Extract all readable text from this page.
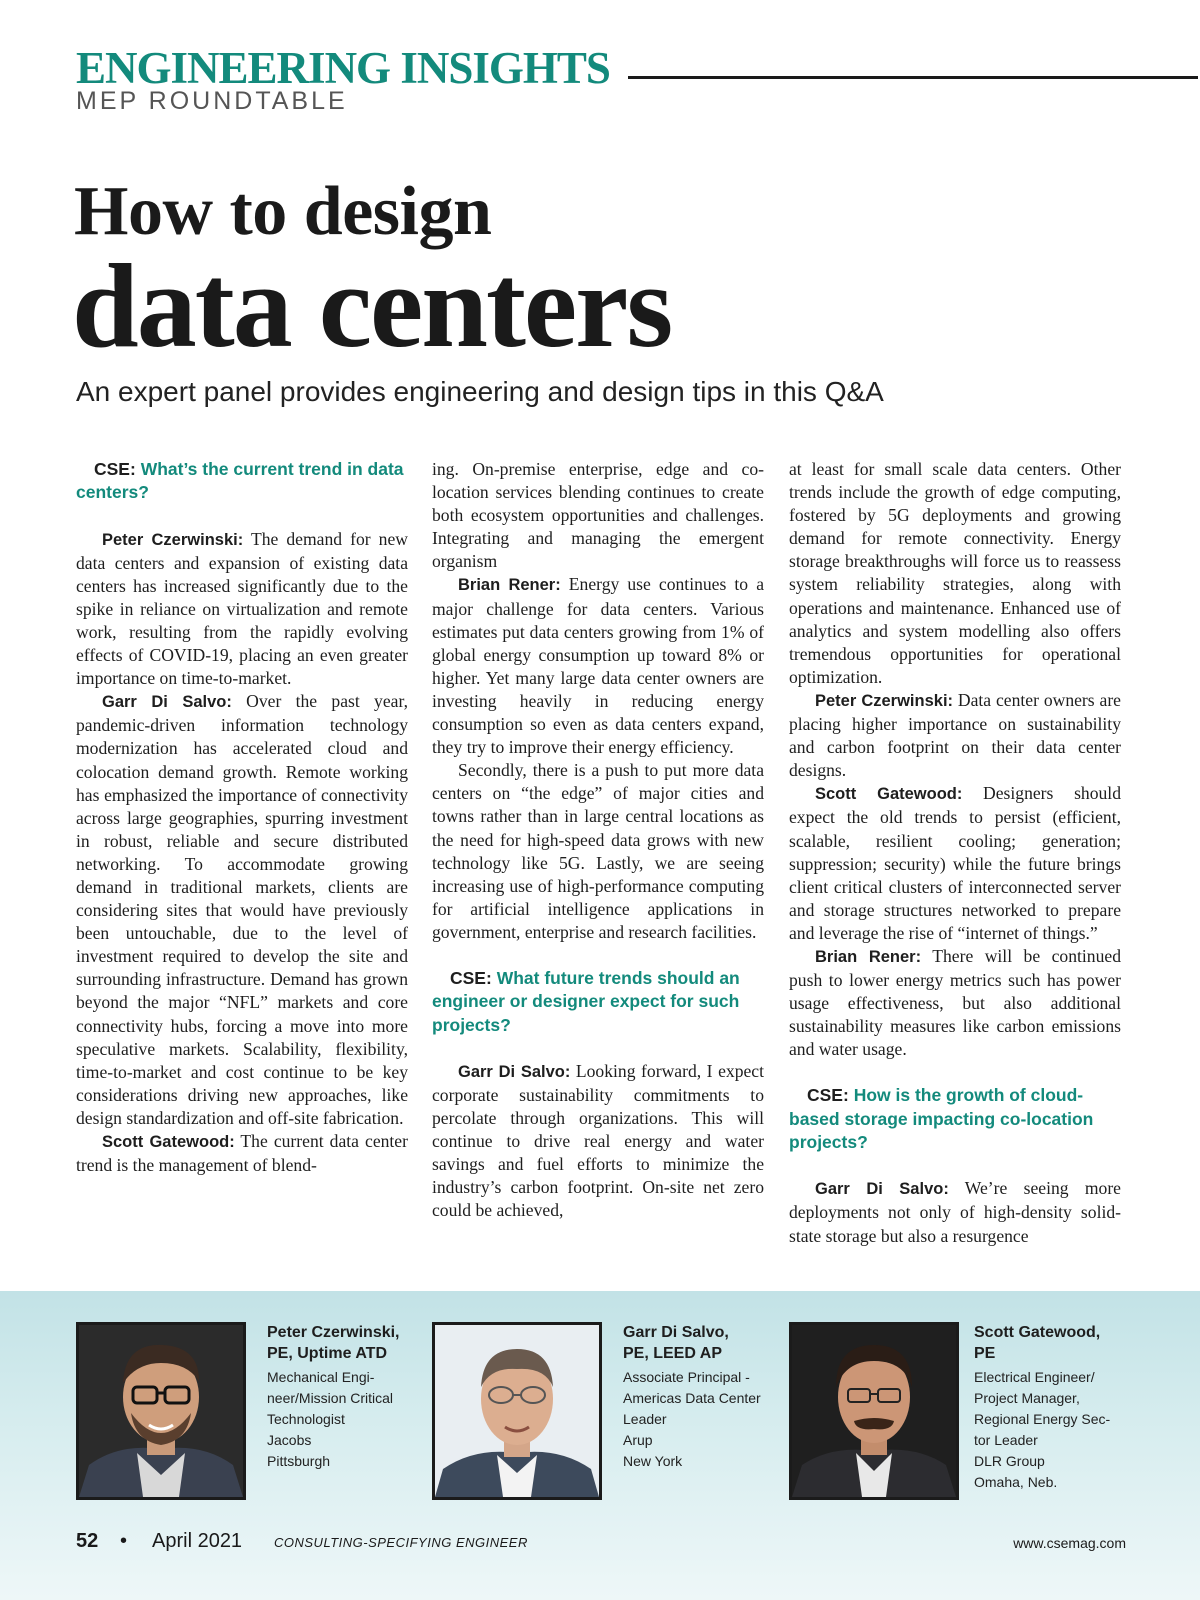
ENGINEERING INSIGHTS
MEP ROUNDTABLE
How to design
data centers
An expert panel provides engineering and design tips in this Q&A
CSE: What’s the current trend in data centers?

Peter Czerwinski: The demand for new data centers and expansion of existing data centers has increased significantly due to the spike in reliance on virtualization and remote work, resulting from the rapidly evolving effects of COVID-19, placing an even greater importance on time-to-market.

Garr Di Salvo: Over the past year, pandemic-driven information technology modernization has accelerated cloud and colocation demand growth. Remote working has emphasized the importance of connectivity across large geographies, spurring investment in robust, reliable and secure distributed networking. To accommodate growing demand in traditional markets, clients are considering sites that would have previously been untouchable, due to the level of investment required to develop the site and surrounding infrastructure. Demand has grown beyond the major “NFL” markets and core connectivity hubs, forcing a move into more speculative markets. Scalability, flexibility, time-to-market and cost continue to be key considerations driving new approaches, like design standardization and off-site fabrication.

Scott Gatewood: The current data center trend is the management of blend-

ing. On-premise enterprise, edge and co-location services blending continues to create both ecosystem opportunities and challenges. Integrating and managing the emergent organism

Brian Rener: Energy use continues to a major challenge for data centers. Various estimates put data centers growing from 1% of global energy consumption up toward 8% or higher. Yet many large data center owners are investing heavily in reducing energy consumption so even as data centers expand, they try to improve their energy efficiency.

Secondly, there is a push to put more data centers on “the edge” of major cities and towns rather than in large central locations as the need for high-speed data grows with new technology like 5G. Lastly, we are seeing increasing use of high-performance computing for artificial intelligence applications in government, enterprise and research facilities.

CSE: What future trends should an engineer or designer expect for such projects?

Garr Di Salvo: Looking forward, I expect corporate sustainability commitments to percolate through organizations. This will continue to drive real energy and water savings and fuel efforts to minimize the industry’s carbon footprint. On-site net zero could be achieved,

at least for small scale data centers. Other trends include the growth of edge computing, fostered by 5G deployments and growing demand for remote connectivity. Energy storage breakthroughs will force us to reassess system reliability strategies, along with operations and maintenance. Enhanced use of analytics and system modelling also offers tremendous opportunities for operational optimization.

Peter Czerwinski: Data center owners are placing higher importance on sustainability and carbon footprint on their data center designs.

Scott Gatewood: Designers should expect the old trends to persist (efficient, scalable, resilient cooling; generation; suppression; security) while the future brings client critical clusters of interconnected server and storage structures networked to prepare and leverage the rise of “internet of things.”

Brian Rener: There will be continued push to lower energy metrics such has power usage effectiveness, but also additional sustainability measures like carbon emissions and water usage.

CSE: How is the growth of cloud-based storage impacting co-location projects?

Garr Di Salvo: We’re seeing more deployments not only of high-density solid-state storage but also a resurgence

Peter Czerwinski,
PE, Uptime ATD
Mechanical Engi-
neer/Mission Critical
Technologist
Jacobs
Pittsburgh
Garr Di Salvo,
PE, LEED AP
Associate Principal -
Americas Data Center
Leader
Arup
New York
Scott Gatewood,
PE
Electrical Engineer/
Project Manager,
Regional Energy Sec-
tor Leader
DLR Group
Omaha, Neb.
52 • April 2021 CONSULTING-SPECIFYING ENGINEER	www.csemag.com
